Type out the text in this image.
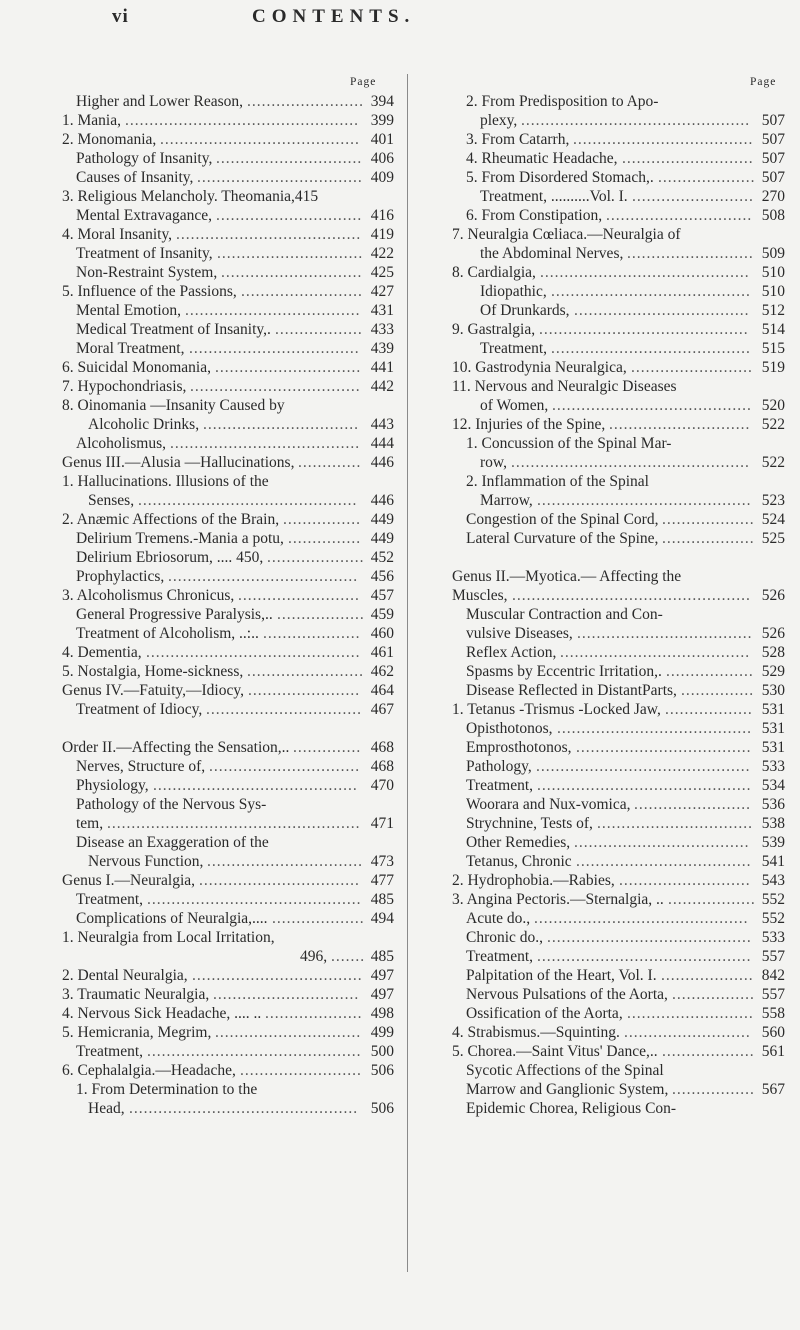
vi	CONTENTS.
Page	Page
Higher and Lower Reason,	394
........................
1. Mania,	399
................................................
2. Monomania,	401
.........................................
Pathology of Insanity,	406
..............................
Causes of Insanity,	409
..................................
3. Religious Melancholy. Theomania,415
Mental Extravagance,	416
..............................
4. Moral Insanity,	419
......................................
Treatment of Insanity,	422
..............................
Non-Restraint System,	425
.............................
5. Influence of the Passions,	427
.........................
Mental Emotion,	431
....................................
Medical Treatment of Insanity,.	433
..................
Moral Treatment,	439
...................................
6. Suicidal Monomania,	441
..............................
7. Hypochondriasis,	442
...................................
8. Oinomania —Insanity Caused by
Alcoholic Drinks,	443
................................
Alcoholismus,	444
.......................................
Genus III.—Alusia —Hallucinations,	446
.............
1. Hallucinations. Illusions of the
Senses,	446
.............................................
2. Anæmic Affections of the Brain,	449
................
Delirium Tremens.-Mania a potu,	449
...............
Delirium Ebriosorum, .... 450,	452
....................
Prophylactics,	456
.......................................
3. Alcoholismus Chronicus,	457
.........................
General Progressive Paralysis,..	459
..................
Treatment of Alcoholism, ..:..	460
....................
4. Dementia,	461
............................................
5. Nostalgia, Home-sickness,	462
........................
Genus IV.—Fatuity,—Idiocy,	464
.......................
Treatment of Idiocy,	467
................................
Order II.—Affecting the Sensation,..	468
..............
Nerves, Structure of,	468
...............................
Physiology,	470
..........................................
Pathology of the Nervous Sys-
tem,	471
....................................................
Disease an Exaggeration of the
Nervous Function,	473
................................
Genus I.—Neuralgia,	477
.................................
Treatment,	485
............................................
Complications of Neuralgia,....	494
...................
1. Neuralgia from Local Irritation,
496,	485
.......
2. Dental Neuralgia,	497
...................................
3. Traumatic Neuralgia,	497
..............................
4. Nervous Sick Headache, .... ..	498
....................
5. Hemicrania, Megrim,	499
..............................
Treatment,	500
............................................
6. Cephalalgia.—Headache,	506
.........................
1. From Determination to the
Head,	506
...............................................
2. From Predisposition to Apo-
plexy,	507
...............................................
3. From Catarrh,	507
.....................................
4. Rheumatic Headache,	507
...........................
5. From Disordered Stomach,.	507
....................
Treatment, ..........Vol. I.	270
.........................
6. From Constipation,	508
..............................
7. Neuralgia Cœliaca.—Neuralgia of
the Abdominal Nerves,	509
..........................
8. Cardialgia,	510
...........................................
Idiopathic,	510
.........................................
Of Drunkards,	512
....................................
9. Gastralgia,	514
...........................................
Treatment,	515
.........................................
10. Gastrodynia Neuralgica,	519
.........................
11. Nervous and Neuralgic Diseases
of Women,	520
.........................................
12. Injuries of the Spine,	522
.............................
1. Concussion of the Spinal Mar-
row,	522
.................................................
2. Inflammation of the Spinal
Marrow,	523
............................................
Congestion of the Spinal Cord,	524
...................
Lateral Curvature of the Spine,	525
...................
Genus II.—Myotica.— Affecting the
Muscles,	526
.................................................
Muscular Contraction and Con-
vulsive Diseases,	526
....................................
Reflex Action,	528
.......................................
Spasms by Eccentric Irritation,.	529
..................
Disease Reflected in DistantParts,	530
...............
1. Tetanus -Trismus -Locked Jaw,	531
..................
Opisthotonos,	531
........................................
Emprosthotonos,	531
....................................
Pathology,	533
............................................
Treatment,	534
............................................
Woorara and Nux-vomica,	536
........................
Strychnine, Tests of,	538
................................
Other Remedies,	539
....................................
Tetanus, Chronic	541
....................................
2. Hydrophobia.—Rabies,	543
...........................
3. Angina Pectoris.—Sternalgia, ..	552
..................
Acute do.,	552
............................................
Chronic do.,	533
..........................................
Treatment,	557
............................................
Palpitation of the Heart, Vol. I.	842
...................
Nervous Pulsations of the Aorta,	557
.................
Ossification of the Aorta,	558
..........................
4. Strabismus.—Squinting.	560
..........................
5. Chorea.—Saint Vitus' Dance,..	561
...................
Sycotic Affections of the Spinal
Marrow and Ganglionic System,	567
.................
Epidemic Chorea, Religious Con-
